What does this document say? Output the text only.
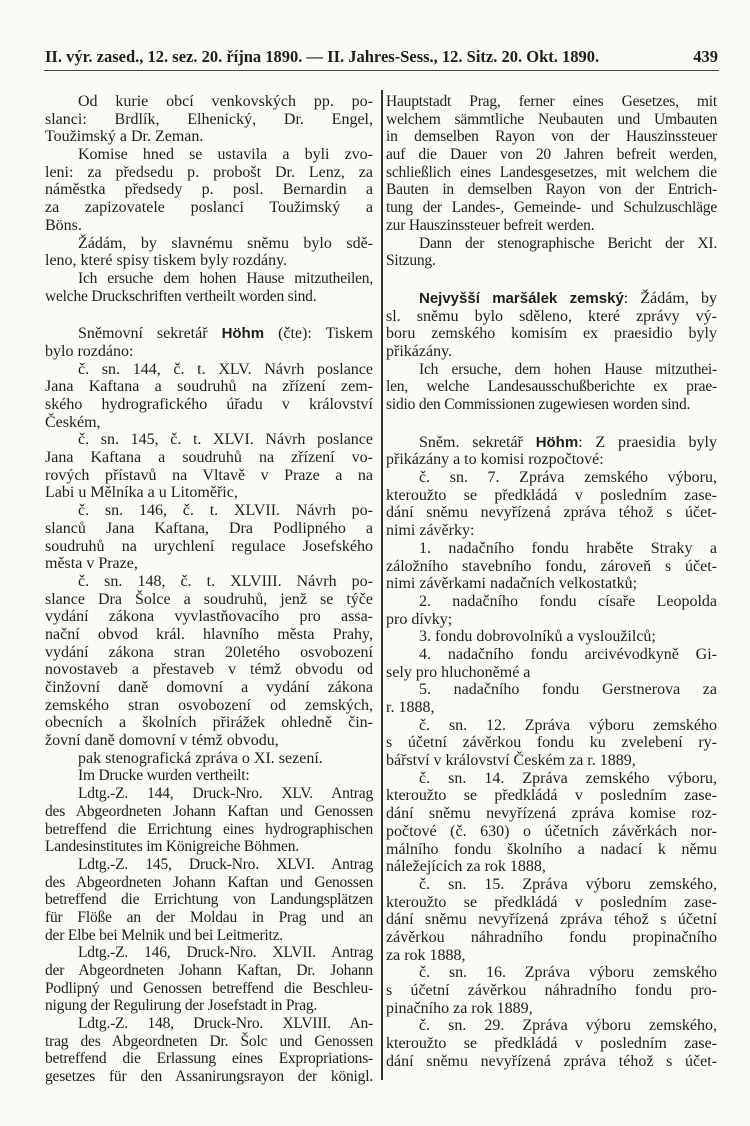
II. výr. zased., 12. sez. 20. října 1890. — II. Jahres-Sess., 12. Sitz. 20. Okt. 1890.	439
Od kurie obcí venkovských pp. po-
slanci: Brdlík, Elhenický, Dr. Engel,
Toužimský a Dr. Zeman.
Komise hned se ustavila a byli zvo-
leni: za předsedu p. probošt Dr. Lenz, za
náměstka předsedy p. posl. Bernardin a
za zapizovatele poslanci Toužimský a
Böns.
Žádám, by slavnému sněmu bylo sdě-
leno, které spisy tiskem byly rozdány.
Ich ersuche dem hohen Hause mitzutheilen,
welche Druckschriften vertheilt worden sind.
Sněmovní sekretář Höhm (čte): Tiskem
bylo rozdáno:
č. sn. 144, č. t. XLV. Návrh poslance
Jana Kaftana a soudruhů na zřízení zem-
ského hydrografického úřadu v království
Českém,
č. sn. 145, č. t. XLVI. Návrh poslance
Jana Kaftana a soudruhů na zřízení vo-
rových přístavů na Vltavě v Praze a na
Labi u Mělníka a u Litoměřic,
č. sn. 146, č. t. XLVII. Návrh po-
slanců Jana Kaftana, Dra Podlipného a
soudruhů na urychlení regulace Josefského
města v Praze,
č. sn. 148, č. t. XLVIII. Návrh po-
slance Dra Šolce a soudruhů, jenž se týče
vydání zákona vyvlastňovacího pro assa-
nační obvod král. hlavního města Prahy,
vydání zákona stran 20letého osvobození
novostaveb a přestaveb v témž obvodu od
činžovní daně domovní a vydání zákona
zemského stran osvobození od zemských,
obecních a školních přirážek ohledně čin-
žovní daně domovní v témž obvodu,
pak stenografická zpráva o XI. sezení.
Im Drucke wurden vertheilt:
Ldtg.-Z. 144, Druck-Nro. XLV. Antrag
des Abgeordneten Johann Kaftan und Genossen
betreffend die Errichtung eines hydrographischen
Landesinstitutes im Königreiche Böhmen.
Ldtg.-Z. 145, Druck-Nro. XLVI. Antrag
des Abgeordneten Johann Kaftan und Genossen
betreffend die Errichtung von Landungsplätzen
für Flöße an der Moldau in Prag und an
der Elbe bei Melnik und bei Leitmeritz.
Ldtg.-Z. 146, Druck-Nro. XLVII. Antrag
der Abgeordneten Johann Kaftan, Dr. Johann
Podlipný und Genossen betreffend die Beschleu-
nigung der Regulirung der Josefstadt in Prag.
Ldtg.-Z. 148, Druck-Nro. XLVIII. An-
trag des Abgeordneten Dr. Šolc und Genossen
betreffend die Erlassung eines Expropriations-
gesetzes für den Assanirungsrayon der königl.
Hauptstadt Prag, ferner eines Gesetzes, mit
welchem sämmtliche Neubauten und Umbauten
in demselben Rayon von der Hauszinssteuer
auf die Dauer von 20 Jahren befreit werden,
schließlich eines Landesgesetzes, mit welchem die
Bauten in demselben Rayon von der Entrich-
tung der Landes-, Gemeinde- und Schulzuschläge
zur Hauszinssteuer befreit werden.
Dann der stenographische Bericht der XI.
Sitzung.
Nejvyšší maršálek zemský: Žádám, by
sl. sněmu bylo sděleno, které zprávy vý-
boru zemského komisím ex praesidio byly
přikázány.
Ich ersuche, dem hohen Hause mitzuthei-
len, welche Landesausschußberichte ex prae-
sidio den Commissionen zugewiesen worden sind.
Sněm. sekretář Höhm: Z praesidia byly
přikázány a to komisi rozpočtové:
č. sn. 7. Zpráva zemského výboru,
kteroužto se předkládá v posledním zase-
dání sněmu nevyřízená zpráva téhož s účet-
nimi závěrky:
1. nadačního fondu hraběte Straky a
záložního stavebního fondu, zároveň s účet-
nimi závěrkami nadačních velkostatků;
2. nadačního fondu císaře Leopolda
pro dívky;
3. fondu dobrovolníků a vysloužilců;
4. nadačního fondu arcivévodkyně Gi-
sely pro hluchoněmé a
5. nadačního fondu Gerstnerova za
r. 1888,
č. sn. 12. Zpráva výboru zemského
s účetní závěrkou fondu ku zvelebení ry-
bářství v království Českém za r. 1889,
č. sn. 14. Zpráva zemského výboru,
kteroužto se předkládá v posledním zase-
dání sněmu nevyřízená zpráva komise roz-
počtové (č. 630) o účetních závěrkách nor-
málního fondu školního a nadací k němu
náležejících za rok 1888,
č. sn. 15. Zpráva výboru zemského,
kteroužto se předkládá v posledním zase-
dání sněmu nevyřízená zpráva téhož s účetní
závěrkou náhradního fondu propinačního
za rok 1888,
č. sn. 16. Zpráva výboru zemského
s účetní závěrkou náhradního fondu pro-
pinačního za rok 1889,
č. sn. 29. Zpráva výboru zemského,
kteroužto se předkládá v posledním zase-
dání sněmu nevyřízená zpráva téhož s účet-
